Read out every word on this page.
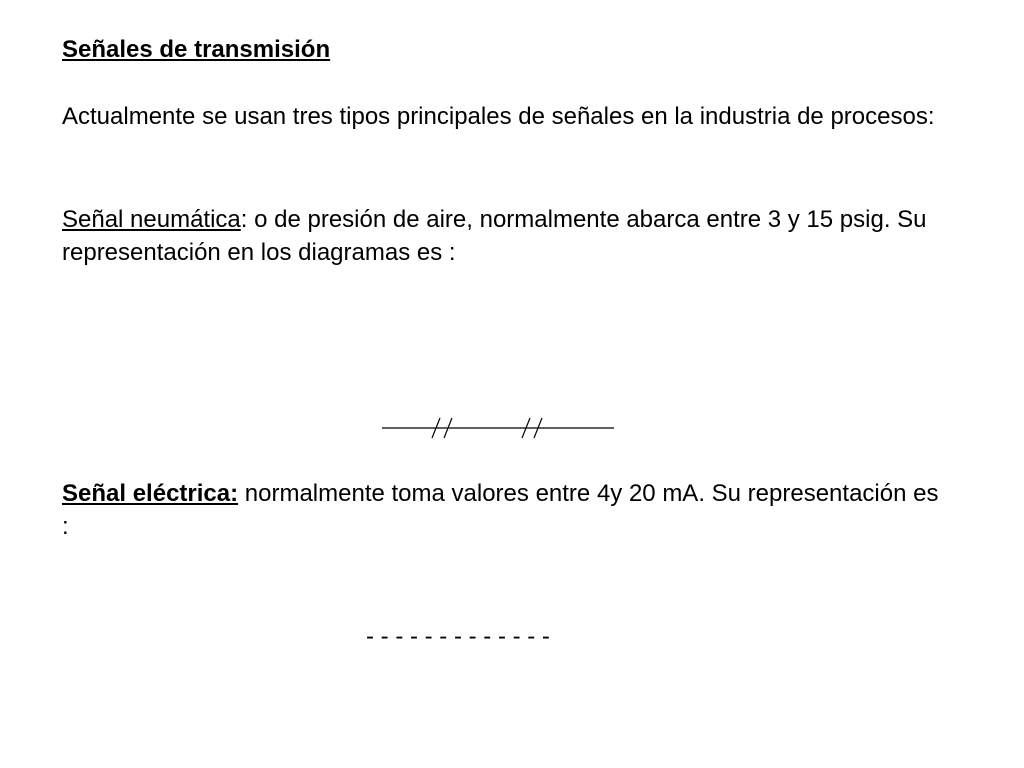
Señales de transmisión
Actualmente se usan tres tipos principales de señales en la industria de procesos:
Señal neumática: o de presión de aire, normalmente abarca entre 3 y 15 psig. Su representación en los diagramas es :
Señal eléctrica: normalmente toma valores entre 4y 20 mA. Su representación es :
- - - - - - - - - - - - -
